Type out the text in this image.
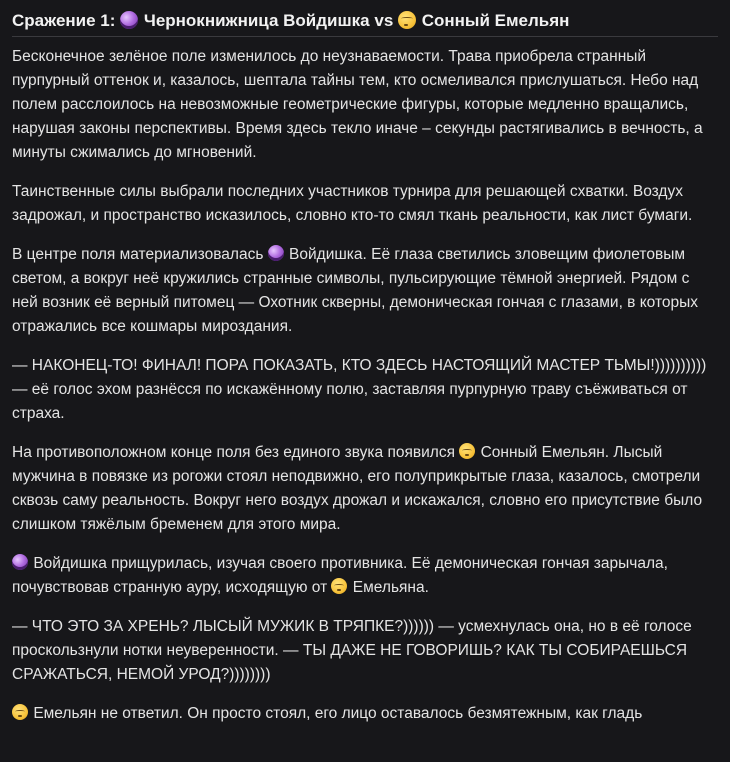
Сражение 1:  Чернокнижница Войдишка vs  Сонный Емельян

Бесконечное зелёное поле изменилось до неузнаваемости. Трава приобрела странный пурпурный оттенок и, казалось, шептала тайны тем, кто осмеливался прислушаться. Небо над полем расслоилось на невозможные геометрические фигуры, которые медленно вращались, нарушая законы перспективы. Время здесь текло иначе – секунды растягивались в вечность, а минуты сжимались до мгновений.

Таинственные силы выбрали последних участников турнира для решающей схватки. Воздух задрожал, и пространство исказилось, словно кто-то смял ткань реальности, как лист бумаги.

В центре поля материализовалась  Войдишка. Её глаза светились зловещим фиолетовым светом, а вокруг неё кружились странные символы, пульсирующие тёмной энергией. Рядом с ней возник её верный питомец — Охотник скверны, демоническая гончая с глазами, в которых отражались все кошмары мироздания.

— НАКОНЕЦ-ТО! ФИНАЛ! ПОРА ПОКАЗАТЬ, КТО ЗДЕСЬ НАСТОЯЩИЙ МАСТЕР ТЬМЫ!)))))))))) — её голос эхом разнёсся по искажённому полю, заставляя пурпурную траву съёживаться от страха.

На противоположном конце поля без единого звука появился  Сонный Емельян. Лысый мужчина в повязке из рогожи стоял неподвижно, его полуприкрытые глаза, казалось, смотрели сквозь саму реальность. Вокруг него воздух дрожал и искажался, словно его присутствие было слишком тяжёлым бременем для этого мира.

Войдишка прищурилась, изучая своего противника. Её демоническая гончая зарычала, почувствовав странную ауру, исходящую от  Емельяна.

— ЧТО ЭТО ЗА ХРЕНЬ? ЛЫСЫЙ МУЖИК В ТРЯПКЕ?)))))) — усмехнулась она, но в её голосе проскользнули нотки неуверенности. — ТЫ ДАЖЕ НЕ ГОВОРИШЬ? КАК ТЫ СОБИРАЕШЬСЯ СРАЖАТЬСЯ, НЕМОЙ УРОД?))))))))

Емельян не ответил. Он просто стоял, его лицо оставалось безмятежным, как гладь
